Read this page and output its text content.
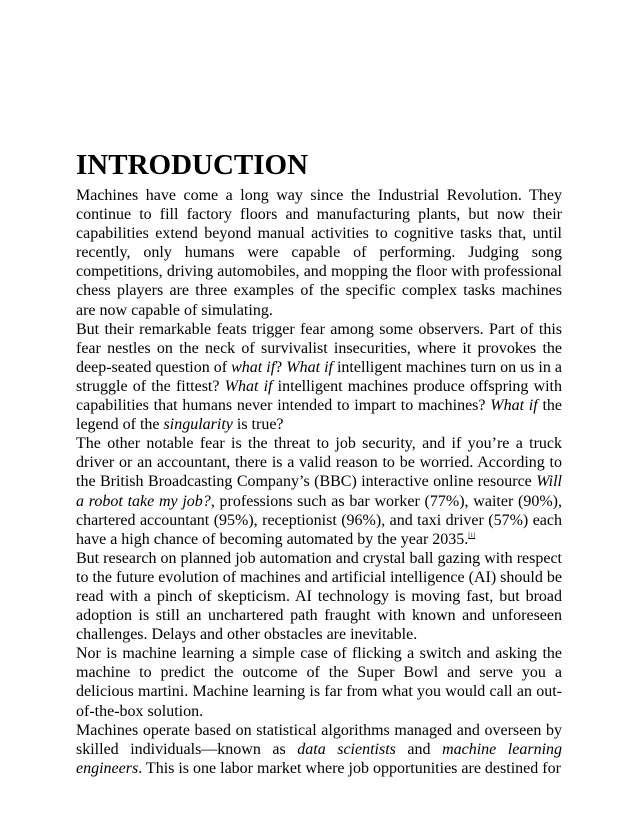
INTRODUCTION

Machines have come a long way since the Industrial Revolution. They continue to fill factory floors and manufacturing plants, but now their capabilities extend beyond manual activities to cognitive tasks that, until recently, only humans were capable of performing. Judging song competitions, driving automobiles, and mopping the floor with professional chess players are three examples of the specific complex tasks machines are now capable of simulating.

But their remarkable feats trigger fear among some observers. Part of this fear nestles on the neck of survivalist insecurities, where it provokes the deep-seated question of what if? What if intelligent machines turn on us in a struggle of the fittest? What if intelligent machines produce offspring with capabilities that humans never intended to impart to machines? What if the legend of the singularity is true?

The other notable fear is the threat to job security, and if you’re a truck driver or an accountant, there is a valid reason to be worried. According to the British Broadcasting Company’s (BBC) interactive online resource Will a robot take my job?, professions such as bar worker (77%), waiter (90%), chartered accountant (95%), receptionist (96%), and taxi driver (57%) each have a high chance of becoming automated by the year 2035.[1]

But research on planned job automation and crystal ball gazing with respect to the future evolution of machines and artificial intelligence (AI) should be read with a pinch of skepticism. AI technology is moving fast, but broad adoption is still an unchartered path fraught with known and unforeseen challenges. Delays and other obstacles are inevitable.

Nor is machine learning a simple case of flicking a switch and asking the machine to predict the outcome of the Super Bowl and serve you a delicious martini. Machine learning is far from what you would call an out-of-the-box solution.

Machines operate based on statistical algorithms managed and overseen by skilled individuals—known as data scientists and machine learning engineers. This is one labor market where job opportunities are destined for
